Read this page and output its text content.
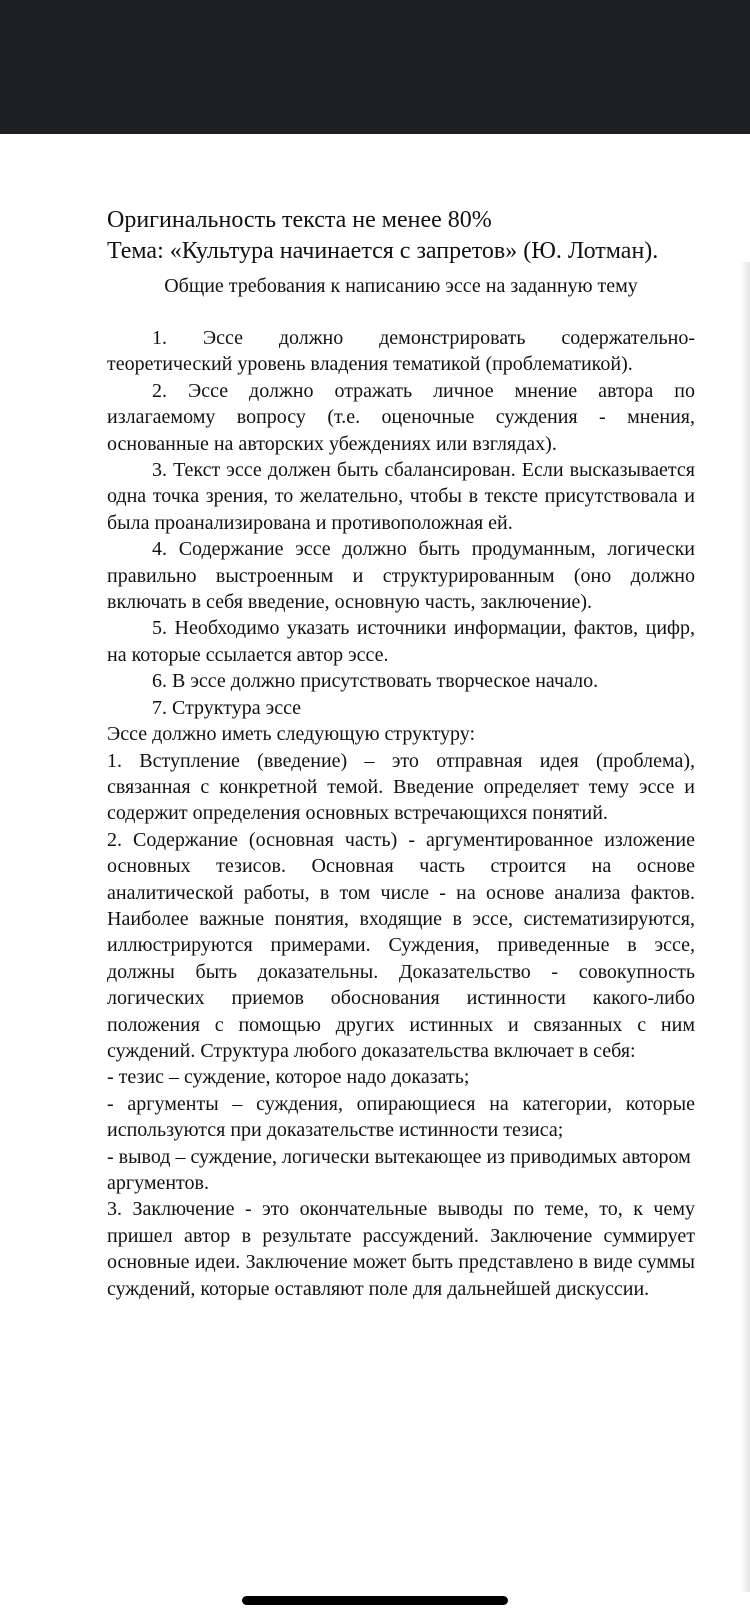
Оригинальность текста не менее 80%

Тема: «Культура начинается с запретов» (Ю. Лотман).

Общие требования к написанию эссе на заданную тему

1. Эссе должно демонстрировать содержательно-теоретический уровень владения тематикой (проблематикой).

2. Эссе должно отражать личное мнение автора по излагаемому вопросу (т.е. оценочные суждения - мнения, основанные на авторских убеждениях или взглядах).

3. Текст эссе должен быть сбалансирован. Если высказывается одна точка зрения, то желательно, чтобы в тексте присутствовала и была проанализирована и противоположная ей.

4. Содержание эссе должно быть продуманным, логически правильно выстроенным и структурированным (оно должно включать в себя введение, основную часть, заключение).

5. Необходимо указать источники информации, фактов, цифр, на которые ссылается автор эссе.

6. В эссе должно присутствовать творческое начало.

7. Структура эссе

Эссе должно иметь следующую структуру:

1. Вступление (введение) – это отправная идея (проблема), связанная с конкретной темой. Введение определяет тему эссе и содержит определения основных встречающихся понятий.

2. Содержание (основная часть) - аргументированное изложение основных тезисов. Основная часть строится на основе аналитической работы, в том числе - на основе анализа фактов. Наиболее важные понятия, входящие в эссе, систематизируются, иллюстрируются примерами. Суждения, приведенные в эссе, должны быть доказательны. Доказательство - совокупность логических приемов обоснования истинности какого-либо положения с помощью других истинных и связанных с ним суждений. Структура любого доказательства включает в себя:

- тезис – суждение, которое надо доказать;

- аргументы – суждения, опирающиеся на категории, которые используются при доказательстве истинности тезиса;

- вывод – суждение, логически вытекающее из приводимых автором

аргументов.

3. Заключение - это окончательные выводы по теме, то, к чему пришел автор в результате рассуждений. Заключение суммирует основные идеи. Заключение может быть представлено в виде суммы суждений, которые оставляют поле для дальнейшей дискуссии.
